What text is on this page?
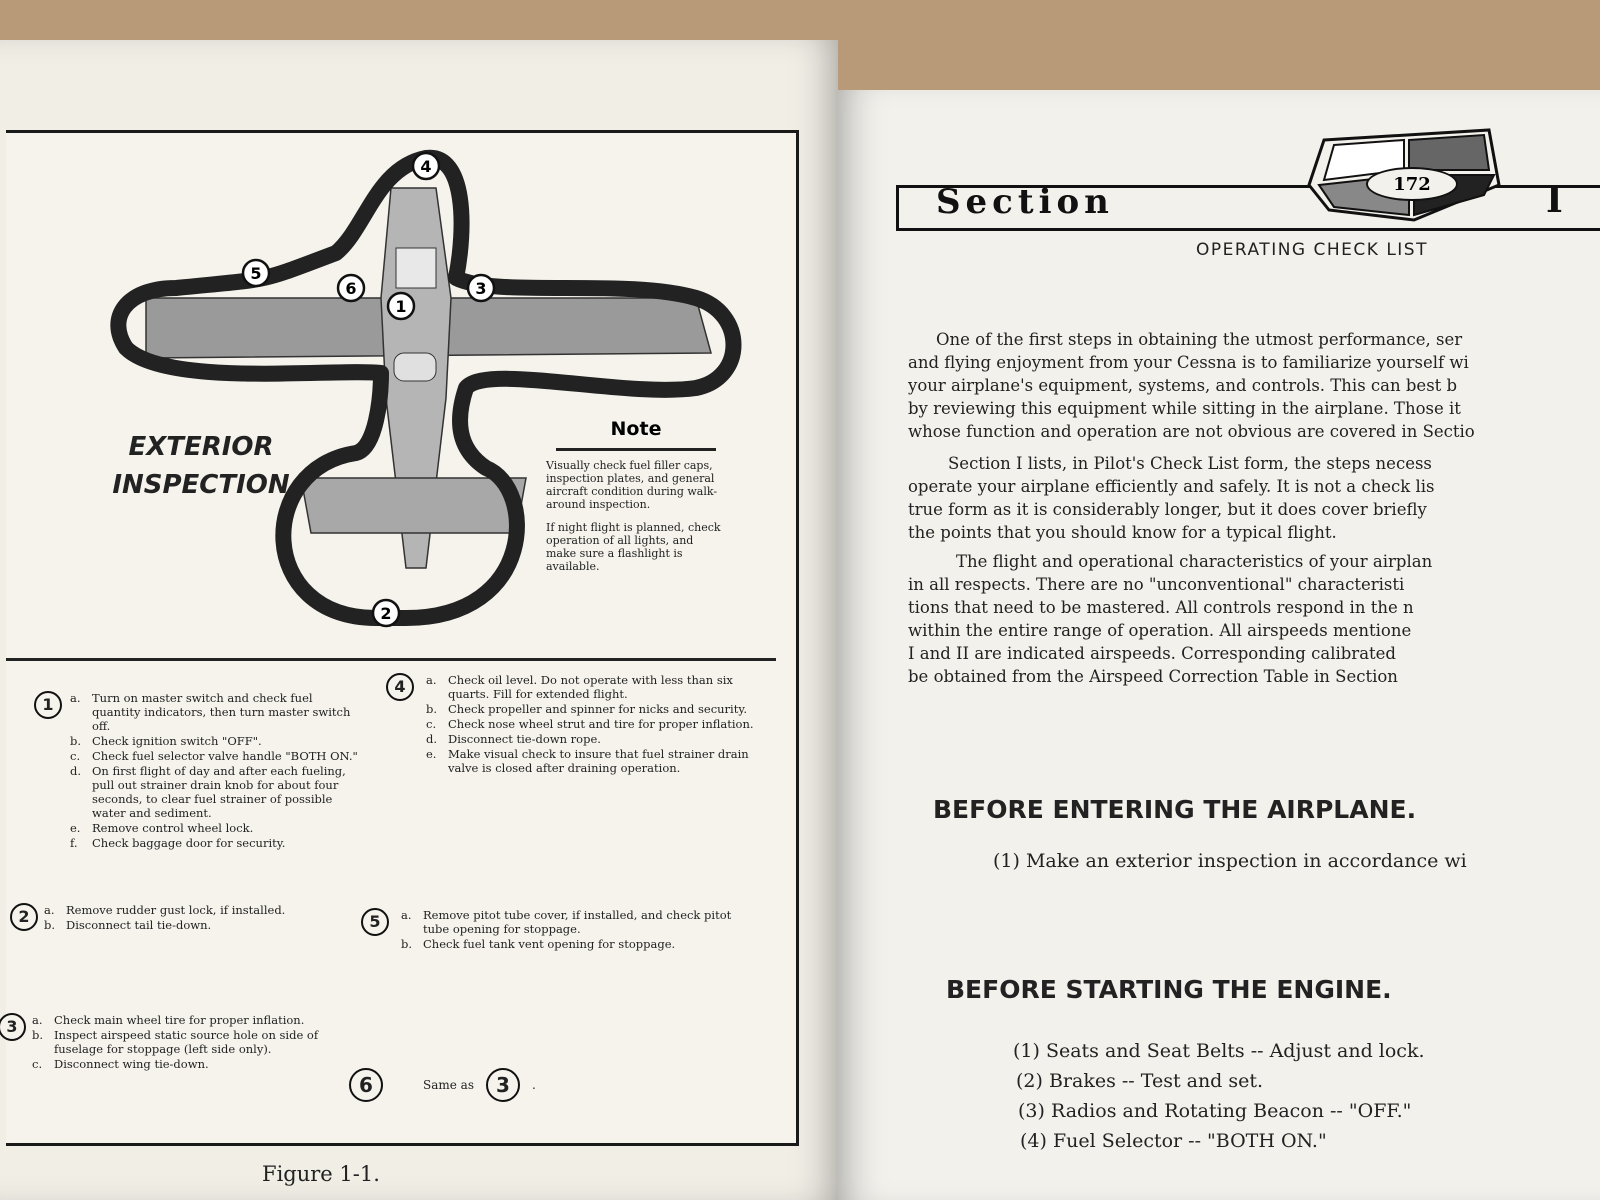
4
5
6
1
3
2
EXTERIOR
INSPECTION
Note

Visually check fuel filler caps, inspection plates, and general aircraft condition during walk-around inspection.

If night flight is planned, check operation of all lights, and make sure a flashlight is available.

1	a. Turn on master switch and check fuel quantity indicators, then turn master switch off.
b. Check ignition switch "OFF".
c. Check fuel selector valve handle "BOTH ON."
d. On first flight of day and after each fueling, pull out strainer drain knob for about four seconds, to clear fuel strainer of possible water and sediment.
e. Remove control wheel lock.
f. Check baggage door for security.
4	a. Check oil level. Do not operate with less than six quarts. Fill for extended flight.
b. Check propeller and spinner for nicks and security.
c. Check nose wheel strut and tire for proper inflation.
d. Disconnect tie-down rope.
e. Make visual check to insure that fuel strainer drain valve is closed after draining operation.
2	a. Remove rudder gust lock, if installed.
b. Disconnect tail tie-down.	5	a. Remove pitot tube cover, if installed, and check pitot tube opening for stoppage.
b. Check fuel tank vent opening for stoppage.
3	a. Check main wheel tire for proper inflation.
b. Inspect airspeed static source hole on side of fuselage for stoppage (left side only).
c. Disconnect wing tie-down.
6	Same as	3	.
Figure 1-1.
Section	172	I
OPERATING CHECK LIST

One of the first steps in obtaining the utmost performance, ser

and flying enjoyment from your Cessna is to familiarize yourself wi

your airplane's equipment, systems, and controls. This can best b

by reviewing this equipment while sitting in the airplane. Those it

whose function and operation are not obvious are covered in Sectio

Section I lists, in Pilot's Check List form, the steps necess

operate your airplane efficiently and safely. It is not a check lis

true form as it is considerably longer, but it does cover briefly

the points that you should know for a typical flight.

The flight and operational characteristics of your airplan

in all respects. There are no "unconventional" characteristi

tions that need to be mastered. All controls respond in the n

within the entire range of operation. All airspeeds mentione

I and II are indicated airspeeds. Corresponding calibrated

be obtained from the Airspeed Correction Table in Section

BEFORE ENTERING THE AIRPLANE.
(1) Make an exterior inspection in accordance wi
BEFORE STARTING THE ENGINE.
(1) Seats and Seat Belts -- Adjust and lock.
(2) Brakes -- Test and set.
(3) Radios and Rotating Beacon -- "OFF."
(4) Fuel Selector -- "BOTH ON."
